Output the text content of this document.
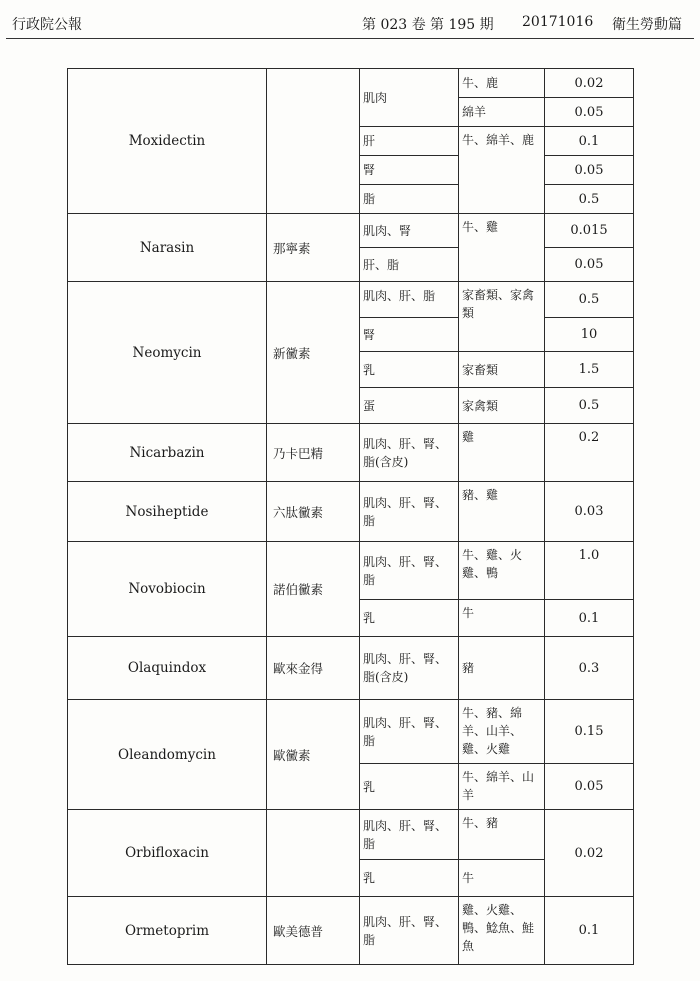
行政院公報	第 023 卷 第 195 期 20171016 衛生勞動篇
Moxidectin		肌肉	牛、鹿	0.02
			綿羊	0.05
		肝	牛、綿羊、鹿	0.1
		腎		0.05
		脂		0.5
Narasin	那寧素	肌肉、腎	牛、雞	0.015
		肝、脂		0.05
Neomycin	新黴素	肌肉、肝、脂	家畜類、家禽類	0.5
		腎		10
		乳	家畜類	1.5
		蛋	家禽類	0.5
Nicarbazin	乃卡巴精	肌肉、肝、腎、脂(含皮)	雞	0.2
Nosiheptide	六肽黴素	肌肉、肝、腎、脂	豬、雞	0.03
Novobiocin	諾伯黴素	肌肉、肝、腎、脂	牛、雞、火雞、鴨	1.0
		乳	牛	0.1
Olaquindox	歐來金得	肌肉、肝、腎、脂(含皮)	豬	0.3
Oleandomycin	歐黴素	肌肉、肝、腎、脂	牛、豬、綿羊、山羊、雞、火雞	0.15
		乳	牛、綿羊、山羊	0.05
Orbifloxacin		肌肉、肝、腎、脂	牛、豬	0.02
		乳	牛	
Ormetoprim	歐美德普	肌肉、肝、腎、脂	雞、火雞、鴨、鯰魚、鮭魚	0.1
